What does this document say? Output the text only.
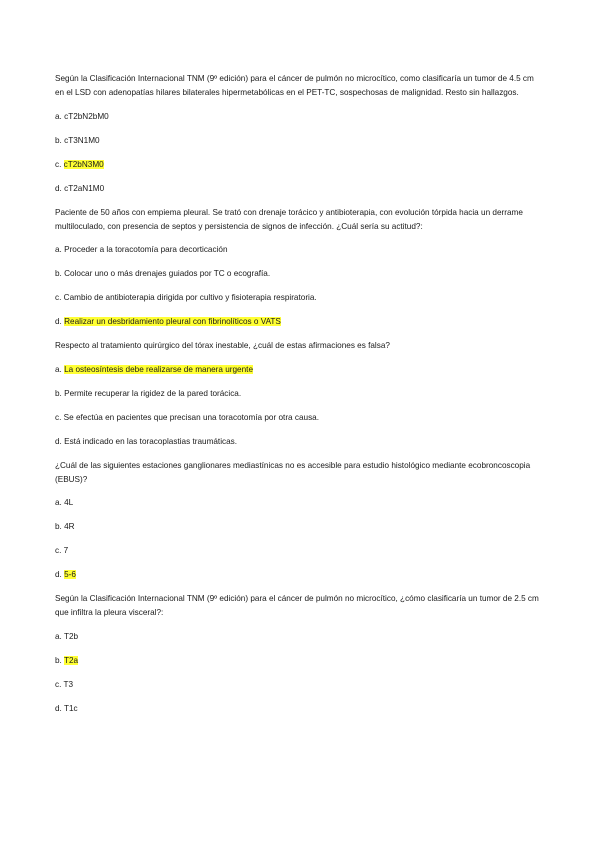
Según la Clasificación Internacional TNM (9º edición) para el cáncer de pulmón no microcítico, como clasificaría un tumor de 4.5 cm en el LSD con adenopatías hilares bilaterales hipermetabólicas en el PET-TC, sospechosas de malignidad. Resto sin hallazgos.

a. cT2bN2bM0

b. cT3N1M0

c. cT2bN3M0

d. cT2aN1M0

Paciente de 50 años con empiema pleural. Se trató con drenaje torácico y antibioterapia, con evolución tórpida hacia un derrame multiloculado, con presencia de septos y persistencia de signos de infección. ¿Cuál sería su actitud?:

a. Proceder a la toracotomía para decorticación

b. Colocar uno o más drenajes guiados por TC o ecografía.

c. Cambio de antibioterapia dirigida por cultivo y fisioterapia respiratoria.

d. Realizar un desbridamiento pleural con fibrinolíticos o VATS

Respecto al tratamiento quirúrgico del tórax inestable, ¿cuál de estas afirmaciones es falsa?

a. La osteosíntesis debe realizarse de manera urgente

b. Permite recuperar la rigidez de la pared torácica.

c. Se efectúa en pacientes que precisan una toracotomía por otra causa.

d. Está indicado en las toracoplastias traumáticas.

¿Cuál de las siguientes estaciones ganglionares mediastínicas no es accesible para estudio histológico mediante ecobroncoscopia (EBUS)?

a. 4L

b. 4R

c. 7

d. 5-6

Según la Clasificación Internacional TNM (9º edición) para el cáncer de pulmón no microcítico, ¿cómo clasificaría un tumor de 2.5 cm que infiltra la pleura visceral?:

a. T2b

b. T2a

c. T3

d. T1c
